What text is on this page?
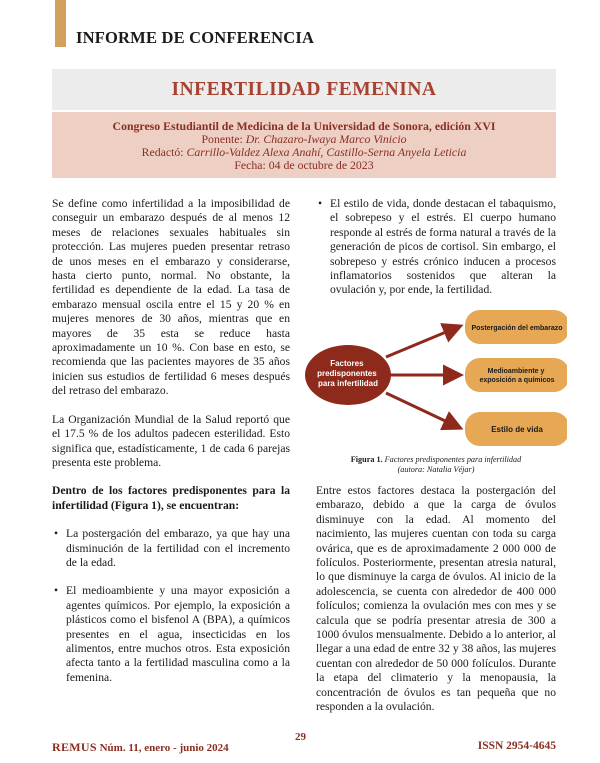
INFORME DE CONFERENCIA
INFERTILIDAD FEMENINA
Congreso Estudiantil de Medicina de la Universidad de Sonora, edición XVI
Ponente: Dr. Chazaro-Iwaya Marco Vinicio
Redactó: Carrillo-Valdez Alexa Anahí, Castillo-Serna Anyela Leticia
Fecha: 04 de octubre de 2023

Se define como infertilidad a la imposibilidad de conseguir un embarazo después de al menos 12 meses de relaciones sexuales habituales sin protección. Las mujeres pueden presentar retraso de unos meses en el embarazo y considerarse, hasta cierto punto, normal. No obstante, la fertilidad es dependiente de la edad. La tasa de embarazo mensual oscila entre el 15 y 20 % en mujeres menores de 30 años, mientras que en mayores de 35 esta se reduce hasta aproximadamente un 10 %. Con base en esto, se recomienda que las pacientes mayores de 35 años inicien sus estudios de fertilidad 6 meses después del retraso del embarazo.

La Organización Mundial de la Salud reportó que el 17.5 % de los adultos padecen esterilidad. Esto significa que, estadísticamente, 1 de cada 6 parejas presenta este problema.

Dentro de los factores predisponentes para la infertilidad (Figura 1), se encuentran:

• La postergación del embarazo, ya que hay una disminución de la fertilidad con el incremento de la edad.
• El medioambiente y una mayor exposición a agentes químicos. Por ejemplo, la exposición a plásticos como el bisfenol A (BPA), a químicos presentes en el agua, insecticidas en los alimentos, entre muchos otros. Esta exposición afecta tanto a la fertilidad masculina como a la femenina.
• El estilo de vida, donde destacan el tabaquismo, el sobrepeso y el estrés. El cuerpo humano responde al estrés de forma natural a través de la generación de picos de cortisol. Sin embargo, el sobrepeso y estrés crónico inducen a procesos inflamatorios sostenidos que alteran la ovulación y, por ende, la fertilidad.
Factores predisponentes para infertilidad
Postergación del embarazo
Medioambiente y exposición a químicos
Estilo de vida
Figura 1. Factores predisponentes para infertilidad
(autora: Natalia Véjar)

Entre estos factores destaca la postergación del embarazo, debido a que la carga de óvulos disminuye con la edad. Al momento del nacimiento, las mujeres cuentan con toda su carga ovárica, que es de aproximadamente 2 000 000 de folículos. Posteriormente, presentan atresia natural, lo que disminuye la carga de óvulos. Al inicio de la adolescencia, se cuenta con alrededor de 400 000 folículos; comienza la ovulación mes con mes y se calcula que se podría presentar atresia de 300 a 1000 óvulos mensualmente. Debido a lo anterior, al llegar a una edad de entre 32 y 38 años, las mujeres cuentan con alrededor de 50 000 folículos. Durante la etapa del climaterio y la menopausia, la concentración de óvulos es tan pequeña que no responden a la ovulación.

REMUS Núm. 11, enero - junio 2024
29
ISSN 2954-4645
